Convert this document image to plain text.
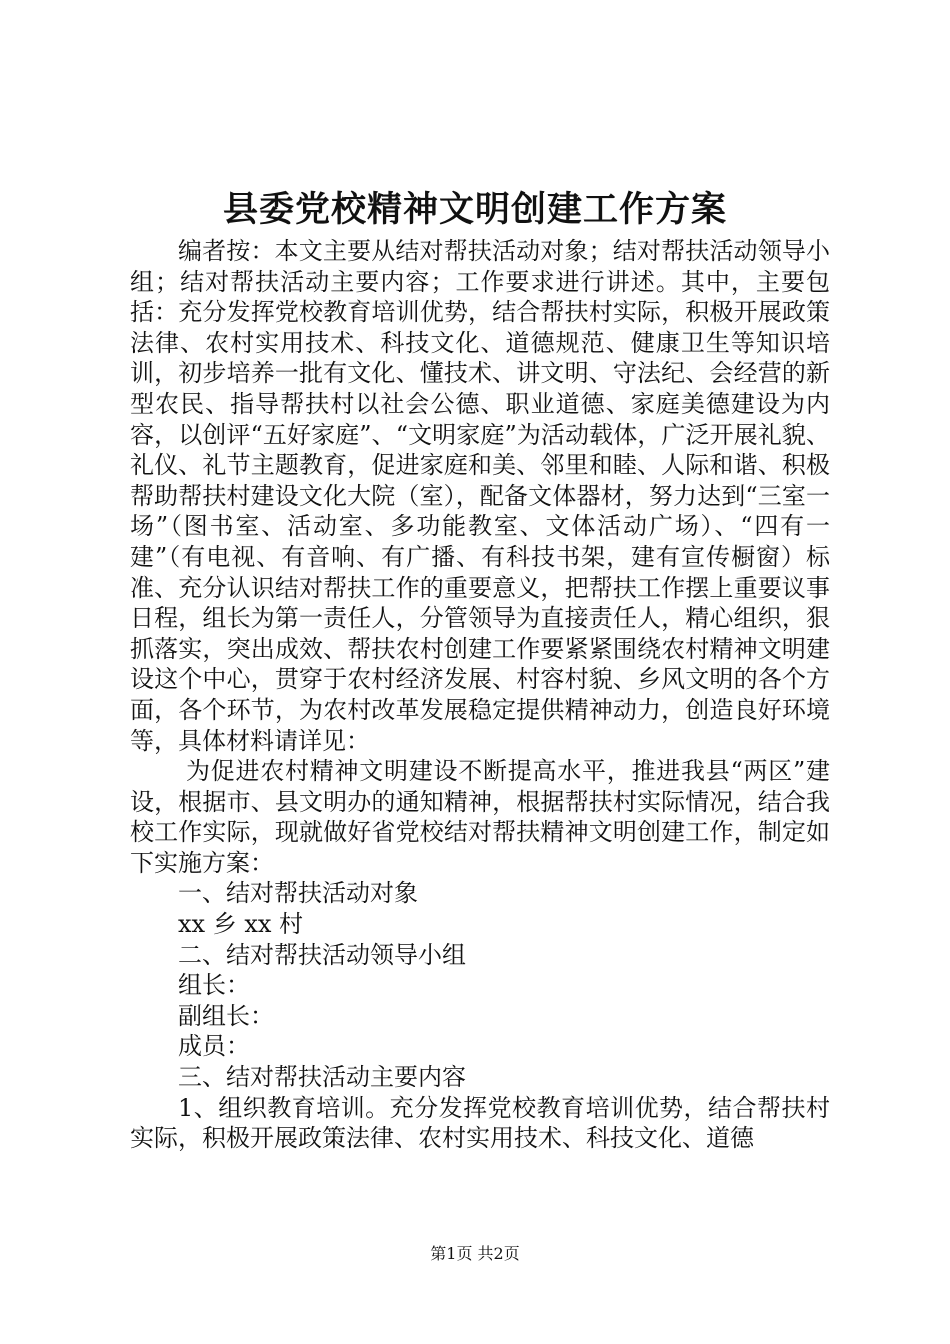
县委党校精神文明创建工作方案

编者按：本文主要从结对帮扶活动对象；结对帮扶活动领导小组；结对帮扶活动主要内容；工作要求进行讲述。其中，主要包括：充分发挥党校教育培训优势，结合帮扶村实际，积极开展政策法律、农村实用技术、科技文化、道德规范、健康卫生等知识培训，初步培养一批有文化、懂技术、讲文明、守法纪、会经营的新型农民、指导帮扶村以社会公德、职业道德、家庭美德建设为内容，以创评“五好家庭”、“文明家庭”为活动载体，广泛开展礼貌、礼仪、礼节主题教育，促进家庭和美、邻里和睦、人际和谐、积极帮助帮扶村建设文化大院（室），配备文体器材，努力达到“三室一场”（图书室、活动室、多功能教室、文体活动广场）、“四有一建”（有电视、有音响、有广播、有科技书架，建有宣传橱窗）标准、充分认识结对帮扶工作的重要意义，把帮扶工作摆上重要议事日程，组长为第一责任人，分管领导为直接责任人，精心组织，狠抓落实，突出成效、帮扶农村创建工作要紧紧围绕农村精神文明建设这个中心，贯穿于农村经济发展、村容村貌、乡风文明的各个方面，各个环节，为农村改革发展稳定提供精神动力，创造良好环境等，具体材料请详见：

为促进农村精神文明建设不断提高水平，推进我县“两区”建设，根据市、县文明办的通知精神，根据帮扶村实际情况，结合我校工作实际，现就做好省党校结对帮扶精神文明创建工作，制定如下实施方案：

一、结对帮扶活动对象

xx 乡 xx 村

二、结对帮扶活动领导小组

组长：

副组长：

成员：

三、结对帮扶活动主要内容

1、组织教育培训。充分发挥党校教育培训优势，结合帮扶村实际，积极开展政策法律、农村实用技术、科技文化、道德

第1页 共2页
